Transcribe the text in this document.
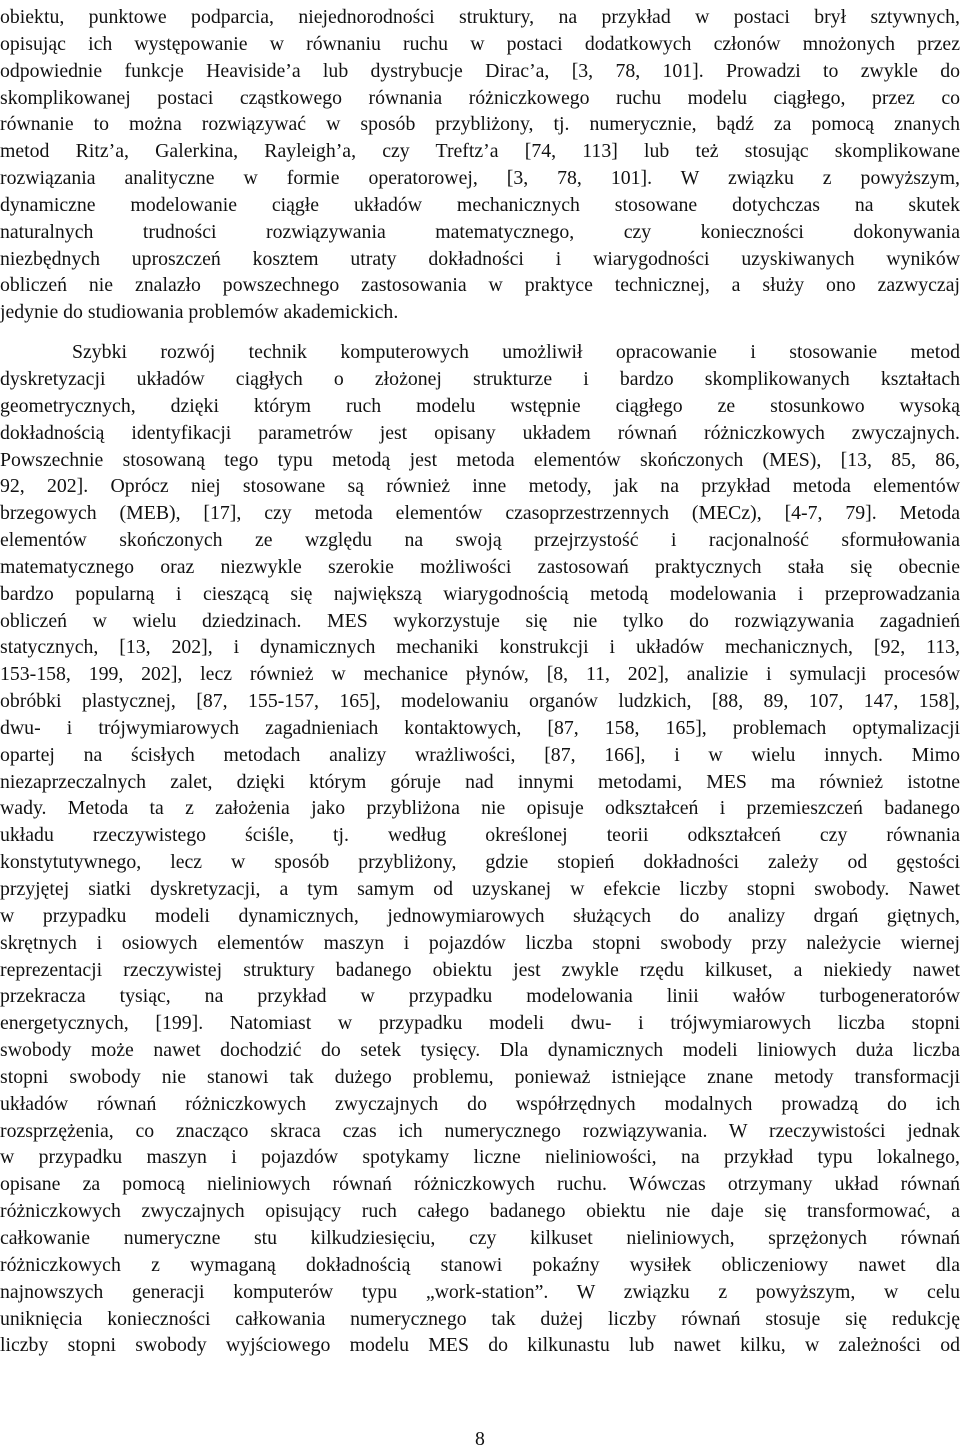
obiektu, punktowe podparcia, niejednorodności struktury, na przykład w postaci brył sztywnych,
opisując ich występowanie w równaniu ruchu w postaci dodatkowych członów mnożonych przez
odpowiednie funkcje Heaviside’a lub dystrybucje Dirac’a, [3, 78, 101]. Prowadzi to zwykle do
skomplikowanej postaci cząstkowego równania różniczkowego ruchu modelu ciągłego, przez co
równanie to można rozwiązywać w sposób przybliżony, tj. numerycznie, bądź za pomocą znanych
metod Ritz’a, Galerkina, Rayleigh’a, czy Treftz’a [74, 113] lub też stosując skomplikowane
rozwiązania analityczne w formie operatorowej, [3, 78, 101]. W związku z powyższym,
dynamiczne modelowanie ciągłe układów mechanicznych stosowane dotychczas na skutek
naturalnych trudności rozwiązywania matematycznego, czy konieczności dokonywania
niezbędnych uproszczeń kosztem utraty dokładności i wiarygodności uzyskiwanych wyników
obliczeń nie znalazło powszechnego zastosowania w praktyce technicznej, a służy ono zazwyczaj
jedynie do studiowania problemów akademickich.
Szybki rozwój technik komputerowych umożliwił opracowanie i stosowanie metod
dyskretyzacji układów ciągłych o złożonej strukturze i bardzo skomplikowanych kształtach
geometrycznych, dzięki którym ruch modelu wstępnie ciągłego ze stosunkowo wysoką
dokładnością identyfikacji parametrów jest opisany układem równań różniczkowych zwyczajnych.
Powszechnie stosowaną tego typu metodą jest metoda elementów skończonych (MES), [13, 85, 86,
92, 202]. Oprócz niej stosowane są również inne metody, jak na przykład metoda elementów
brzegowych (MEB), [17], czy metoda elementów czasoprzestrzennych (MECz), [4-7, 79]. Metoda
elementów skończonych ze względu na swoją przejrzystość i racjonalność sformułowania
matematycznego oraz niezwykle szerokie możliwości zastosowań praktycznych stała się obecnie
bardzo popularną i cieszącą się największą wiarygodnością metodą modelowania i przeprowadzania
obliczeń w wielu dziedzinach. MES wykorzystuje się nie tylko do rozwiązywania zagadnień
statycznych, [13, 202], i dynamicznych mechaniki konstrukcji i układów mechanicznych, [92, 113,
153-158, 199, 202], lecz również w mechanice płynów, [8, 11, 202], analizie i symulacji procesów
obróbki plastycznej, [87, 155-157, 165], modelowaniu organów ludzkich, [88, 89, 107, 147, 158],
dwu- i trójwymiarowych zagadnieniach kontaktowych, [87, 158, 165], problemach optymalizacji
opartej na ścisłych metodach analizy wrażliwości, [87, 166], i w wielu innych. Mimo
niezaprzeczalnych zalet, dzięki którym góruje nad innymi metodami, MES ma również istotne
wady. Metoda ta z założenia jako przybliżona nie opisuje odkształceń i przemieszczeń badanego
układu rzeczywistego ściśle, tj. według określonej teorii odkształceń czy równania
konstytutywnego, lecz w sposób przybliżony, gdzie stopień dokładności zależy od gęstości
przyjętej siatki dyskretyzacji, a tym samym od uzyskanej w efekcie liczby stopni swobody. Nawet
w przypadku modeli dynamicznych, jednowymiarowych służących do analizy drgań giętnych,
skrętnych i osiowych elementów maszyn i pojazdów liczba stopni swobody przy należycie wiernej
reprezentacji rzeczywistej struktury badanego obiektu jest zwykle rzędu kilkuset, a niekiedy nawet
przekracza tysiąc, na przykład w przypadku modelowania linii wałów turbogeneratorów
energetycznych, [199]. Natomiast w przypadku modeli dwu- i trójwymiarowych liczba stopni
swobody może nawet dochodzić do setek tysięcy. Dla dynamicznych modeli liniowych duża liczba
stopni swobody nie stanowi tak dużego problemu, ponieważ istniejące znane metody transformacji
układów równań różniczkowych zwyczajnych do współrzędnych modalnych prowadzą do ich
rozsprzężenia, co znacząco skraca czas ich numerycznego rozwiązywania. W rzeczywistości jednak
w przypadku maszyn i pojazdów spotykamy liczne nieliniowości, na przykład typu lokalnego,
opisane za pomocą nieliniowych równań różniczkowych ruchu. Wówczas otrzymany układ równań
różniczkowych zwyczajnych opisujący ruch całego badanego obiektu nie daje się transformować, a
całkowanie numeryczne stu kilkudziesięciu, czy kilkuset nieliniowych, sprzężonych równań
różniczkowych z wymaganą dokładnością stanowi pokaźny wysiłek obliczeniowy nawet dla
najnowszych generacji komputerów typu „work-station”. W związku z powyższym, w celu
uniknięcia konieczności całkowania numerycznego tak dużej liczby równań stosuje się redukcję
liczby stopni swobody wyjściowego modelu MES do kilkunastu lub nawet kilku, w zależności od
8
